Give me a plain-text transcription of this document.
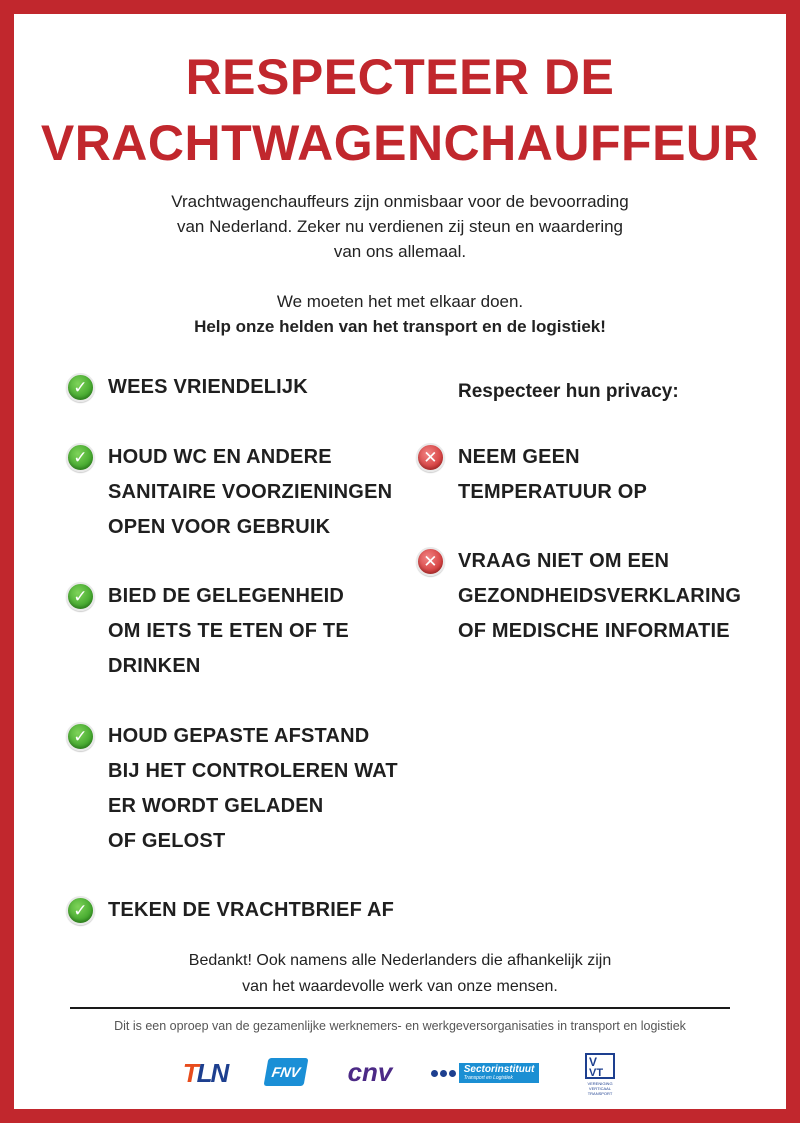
RESPECTEER DE
VRACHTWAGENCHAUFFEUR

Vrachtwagenchauffeurs zijn onmisbaar voor de bevoorrading

van Nederland. Zeker nu verdienen zij steun en waardering

van ons allemaal.

We moeten het met elkaar doen.

Help onze helden van het transport en de logistiek!

✓	WEES VRIENDELIJK
✓	HOUD WC EN ANDERE
SANITAIRE VOORZIENINGEN
OPEN VOOR GEBRUIK
✓	BIED DE GELEGENHEID
OM IETS TE ETEN OF TE
DRINKEN
✓	HOUD GEPASTE AFSTAND
BIJ HET CONTROLEREN WAT
ER WORDT GELADEN
OF GELOST
✓	TEKEN DE VRACHTBRIEF AF
Respecteer hun privacy:
✕	NEEM GEEN
TEMPERATUUR OP
✕	VRAAG NIET OM EEN
GEZONDHEIDSVERKLARING
OF MEDISCHE INFORMATIE
Bedankt! Ook namens alle Nederlanders die afhankelijk zijn
van het waardevolle werk van onze mensen.
Dit is een oproep van de gezamenlijke werknemers- en werkgeversorganisaties in transport en logistiek
T LN	FNV cnv	Sectorinstituut
Transport en Logistiek
V
VT
VERENIGING
VERTICAAL
TRANSPORT
